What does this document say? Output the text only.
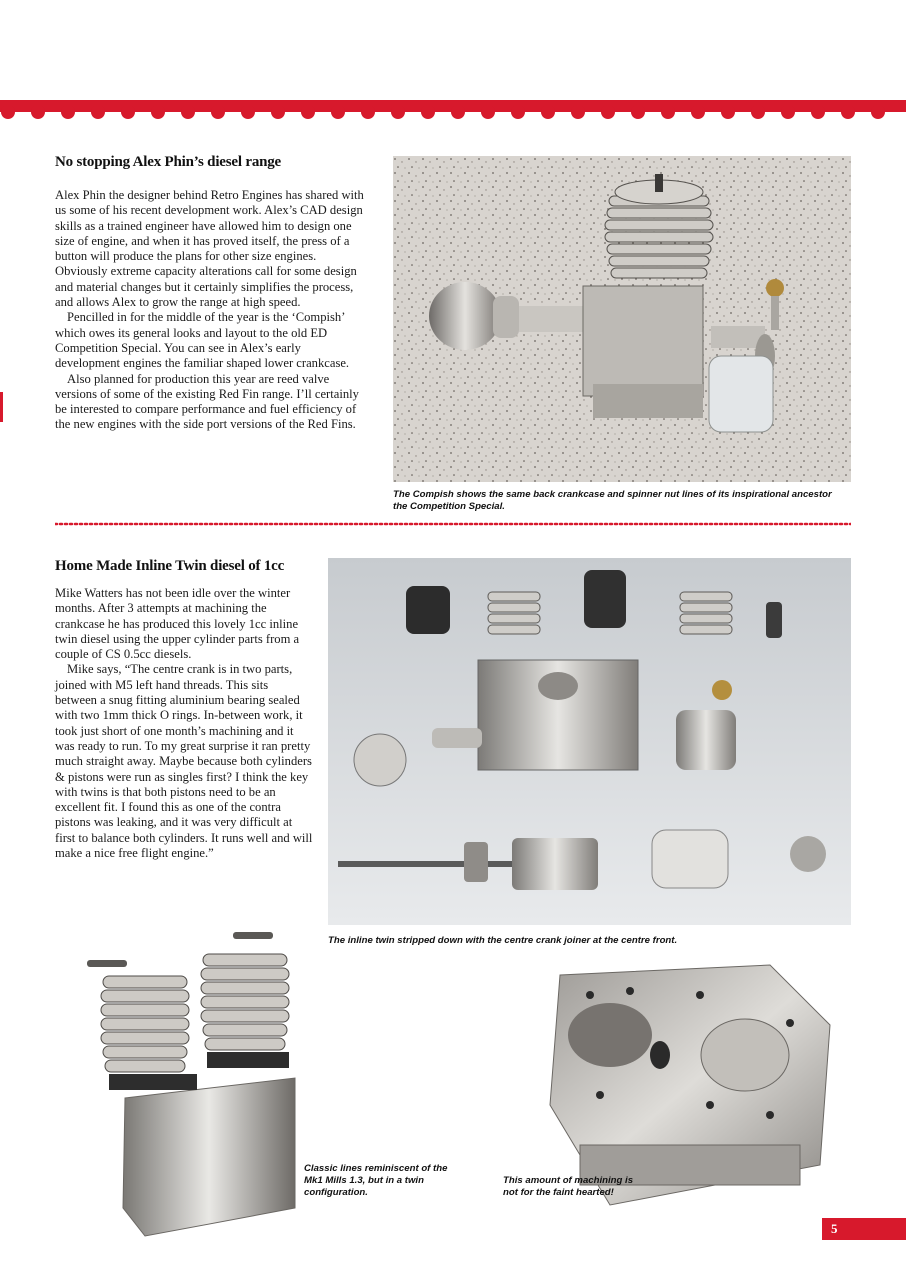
No stopping Alex Phin’s diesel range

Alex Phin the designer behind Retro Engines has shared with us some of his recent development work. Alex’s CAD design skills as a trained engineer have allowed him to design one size of engine, and when it has proved itself, the press of a button will produce the plans for other size engines. Obviously extreme capacity alterations call for some design and material changes but it certainly simplifies the process, and allows Alex to grow the range at high speed.

Pencilled in for the middle of the year is the ‘Compish’ which owes its general looks and layout to the old ED Competition Special. You can see in Alex’s early development engines the familiar shaped lower crankcase.

Also planned for production this year are reed valve versions of some of the existing Red Fin range. I’ll certainly be interested to compare performance and fuel efficiency of the new engines with the side port versions of the Red Fins.

The Compish shows the same back crankcase and spinner nut lines of its inspirational ancestor the Competition Special.

Home Made Inline Twin diesel of 1cc

Mike Watters has not been idle over the winter months. After 3 attempts at machining the crankcase he has produced this lovely 1cc inline twin diesel using the upper cylinder parts from a couple of CS 0.5cc diesels.

Mike says, “The centre crank is in two parts, joined with M5 left hand threads. This sits between a snug fitting aluminium bearing sealed with two 1mm thick O rings. In-between work, it took just short of one month’s machining and it was ready to run. To my great surprise it ran pretty much straight away. Maybe because both cylinders & pistons were run as singles first? I think the key with twins is that both pistons need to be an excellent fit. I found this as one of the contra pistons was leaking, and it was very difficult at first to balance both cylinders. It runs well and will make a nice free flight engine.”

The inline twin stripped down with the centre crank joiner at the centre front.

Classic lines reminiscent of the Mk1 Mills 1.3, but in a twin configuration.

This amount of machining is not for the faint hearted!

5
